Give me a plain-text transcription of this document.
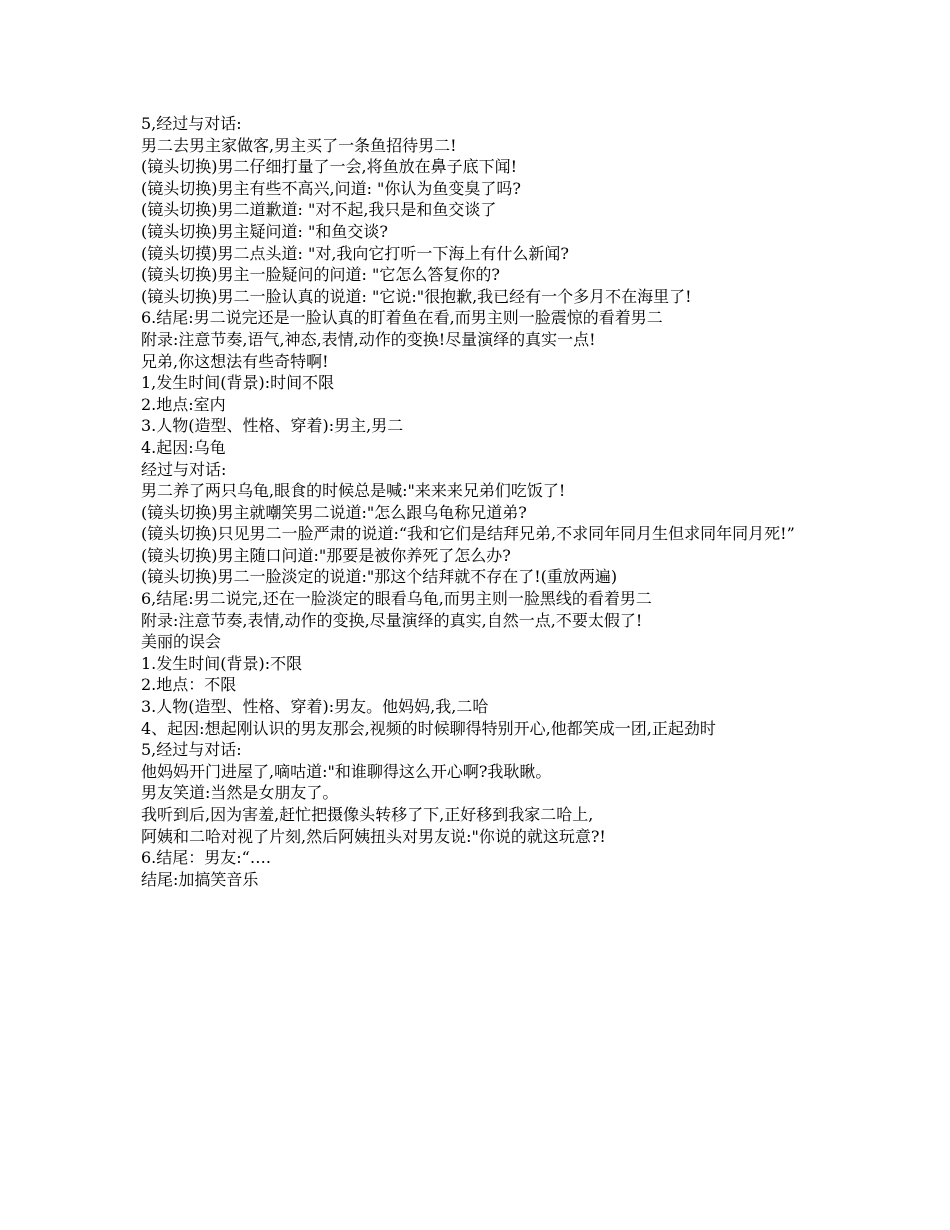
5,经过与对话:
男二去男主家做客,男主买了一条鱼招待男二!
(镜头切换)男二仔细打量了一会,将鱼放在鼻子底下闻!
(镜头切换)男主有些不高兴,问道: "你认为鱼变臭了吗?
(镜头切换)男二道歉道: "对不起,我只是和鱼交谈了
(镜头切换)男主疑问道: "和鱼交谈?
(镜头切摸)男二点头道: "对,我向它打听一下海上有什么新闻?
(镜头切换)男主一脸疑问的问道: "它怎么答复你的?
(镜头切换)男二一脸认真的说道: "它说:"很抱歉,我已经有一个多月不在海里了!
6.结尾:男二说完还是一脸认真的盯着鱼在看,而男主则一脸震惊的看着男二
附录:注意节奏,语气,神态,表情,动作的变换!尽量演绎的真实一点!
兄弟,你这想法有些奇特啊!
1,发生时间(背景):时间不限
2.地点:室内
3.人物(造型、性格、穿着):男主,男二
4.起因:乌龟
经过与对话:
男二养了两只乌龟,眼食的时候总是喊:"来来来兄弟们吃饭了!
(镜头切换)男主就嘲笑男二说道:"怎么跟乌龟称兄道弟?
(镜头切换)只见男二一脸严肃的说道:“我和它们是结拜兄弟,不求同年同月生但求同年同月死!”
(镜头切换)男主随口问道:"那要是被你养死了怎么办?
(镜头切换)男二一脸淡定的说道:"那这个结拜就不存在了!(重放两遍)
6,结尾:男二说完,还在一脸淡定的眼看乌龟,而男主则一脸黑线的看着男二
附录:注意节奏,表情,动作的变换,尽量演绎的真实,自然一点,不要太假了!
美丽的误会
1.发生时间(背景):不限
2.地点：不限
3.人物(造型、性格、穿着):男友。他妈妈,我,二哈
4、起因:想起刚认识的男友那会,视频的时候聊得特别开心,他都笑成一团,正起劲时
5,经过与对话:
他妈妈开门进屋了,嘀咕道:"和谁聊得这么开心啊?我耿瞅。
男友笑道:当然是女朋友了。
我听到后,因为害羞,赶忙把摄像头转移了下,正好移到我家二哈上,
阿姨和二哈对视了片刻,然后阿姨扭头对男友说:"你说的就这玩意?!
6.结尾：男友:“….
结尾:加搞笑音乐
